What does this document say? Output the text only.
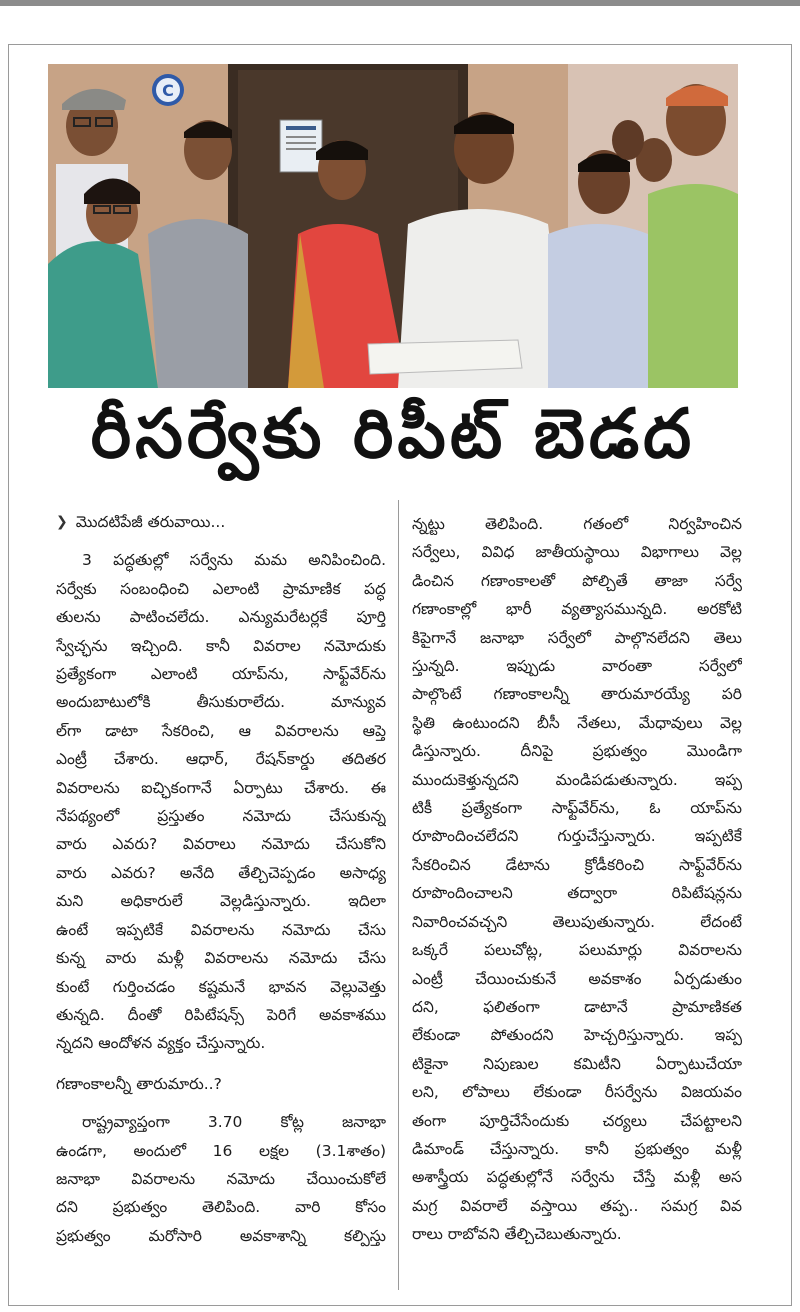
C
రీసర్వేకు రిపీట్ బెడద
❯ మొదటిపేజీ తరువాయి...
3 పద్ధతుల్లో సర్వేను మమ అనిపించింది.
సర్వేకు సంబంధించి ఎలాంటి ప్రామాణిక పద్ధ
తులను పాటించలేదు. ఎన్యుమరేటర్లకే పూర్తి
స్వేచ్ఛను ఇచ్చింది. కానీ వివరాల నమోదుకు
ప్రత్యేకంగా ఎలాంటి యాప్‌ను, సాఫ్ట్‌వేర్‌ను
అందుబాటులోకి తీసుకురాలేదు. మాన్యువ
ల్‌గా డాటా సేకరించి, ఆ వివరాలను ఆప్తె
ఎంట్రీ చేశారు. ఆధార్, రేషన్‌కార్డు తదితర
వివరాలను ఐచ్ఛికంగానే ఏర్పాటు చేశారు. ఈ
నేపథ్యంలో ప్రస్తుతం నమోదు చేసుకున్న
వారు ఎవరు? వివరాలు నమోదు చేసుకోని
వారు ఎవరు? అనేది తేల్చిచెప్పడం అసాధ్య
మని అధికారులే వెల్లడిస్తున్నారు. ఇదిలా
ఉంటే ఇప్పటికే వివరాలను నమోదు చేసు
కున్న వారు మళ్లీ వివరాలను నమోదు చేసు
కుంటే గుర్తించడం కష్టమనే భావన వెల్లువెత్తు
తున్నది. దీంతో రిపిటేషన్స్ పెరిగే అవకాశము
న్నదని ఆందోళన వ్యక్తం చేస్తున్నారు.
గణాంకాలన్నీ తారుమారు..?
రాష్ట్రవ్యాప్తంగా 3.70 కోట్ల జనాభా
ఉండగా, అందులో 16 లక్షల (3.1శాతం)
జనాభా వివరాలను నమోదు చేయించుకోలే
దని ప్రభుత్వం తెలిపింది. వారి కోసం
ప్రభుత్వం మరోసారి అవకాశాన్ని కల్పిస్తు
న్నట్టు తెలిపింది. గతంలో నిర్వహించిన
సర్వేలు, వివిధ జాతీయస్థాయి విభాగాలు వెల్ల
డించిన గణాంకాలతో పోల్చితే తాజా సర్వే
గణాంకాల్లో భారీ వ్యత్యాసమున్నది. అరకోటి
కిపైగానే జనాభా సర్వేలో పాల్గొనలేదని తెలు
స్తున్నది. ఇప్పుడు వారంతా సర్వేలో
పాల్గొంటే గణాంకాలన్నీ తారుమారయ్యే పరి
స్థితి ఉంటుందని బీసీ నేతలు, మేధావులు వెల్ల
డిస్తున్నారు. దీనిపై ప్రభుత్వం మొండిగా
ముందుకెళ్తున్నదని మండిపడుతున్నారు. ఇప్ప
టికీ ప్రత్యేకంగా సాఫ్ట్‌వేర్‌ను, ఓ యాప్‌ను
రూపొందించలేదని గుర్తుచేస్తున్నారు. ఇప్పటికే
సేకరించిన డేటాను క్రోడీకరించి సాఫ్ట్‌వేర్‌ను
రూపొందించాలని తద్వారా రిపిటేషన్లను
నివారించవచ్చని తెలుపుతున్నారు. లేదంటే
ఒక్కరే పలుచోట్ల, పలుమార్లు వివరాలను
ఎంట్రీ చేయించుకునే అవకాశం ఏర్పడుతుం
దని, ఫలితంగా డాటానే ప్రామాణికత
లేకుండా పోతుందని హెచ్చరిస్తున్నారు. ఇప్ప
టికైనా నిపుణుల కమిటీని ఏర్పాటుచేయా
లని, లోపాలు లేకుండా రీసర్వేను విజయవం
తంగా పూర్తిచేసేందుకు చర్యలు చేపట్టాలని
డిమాండ్ చేస్తున్నారు. కానీ ప్రభుత్వం మళ్లీ
అశాస్త్రీయ పద్ధతుల్లోనే సర్వేను చేస్తే మళ్లీ అస
మగ్ర వివరాలే వస్తాయి తప్ప.. సమగ్ర వివ
రాలు రాబోవని తేల్చిచెబుతున్నారు.
